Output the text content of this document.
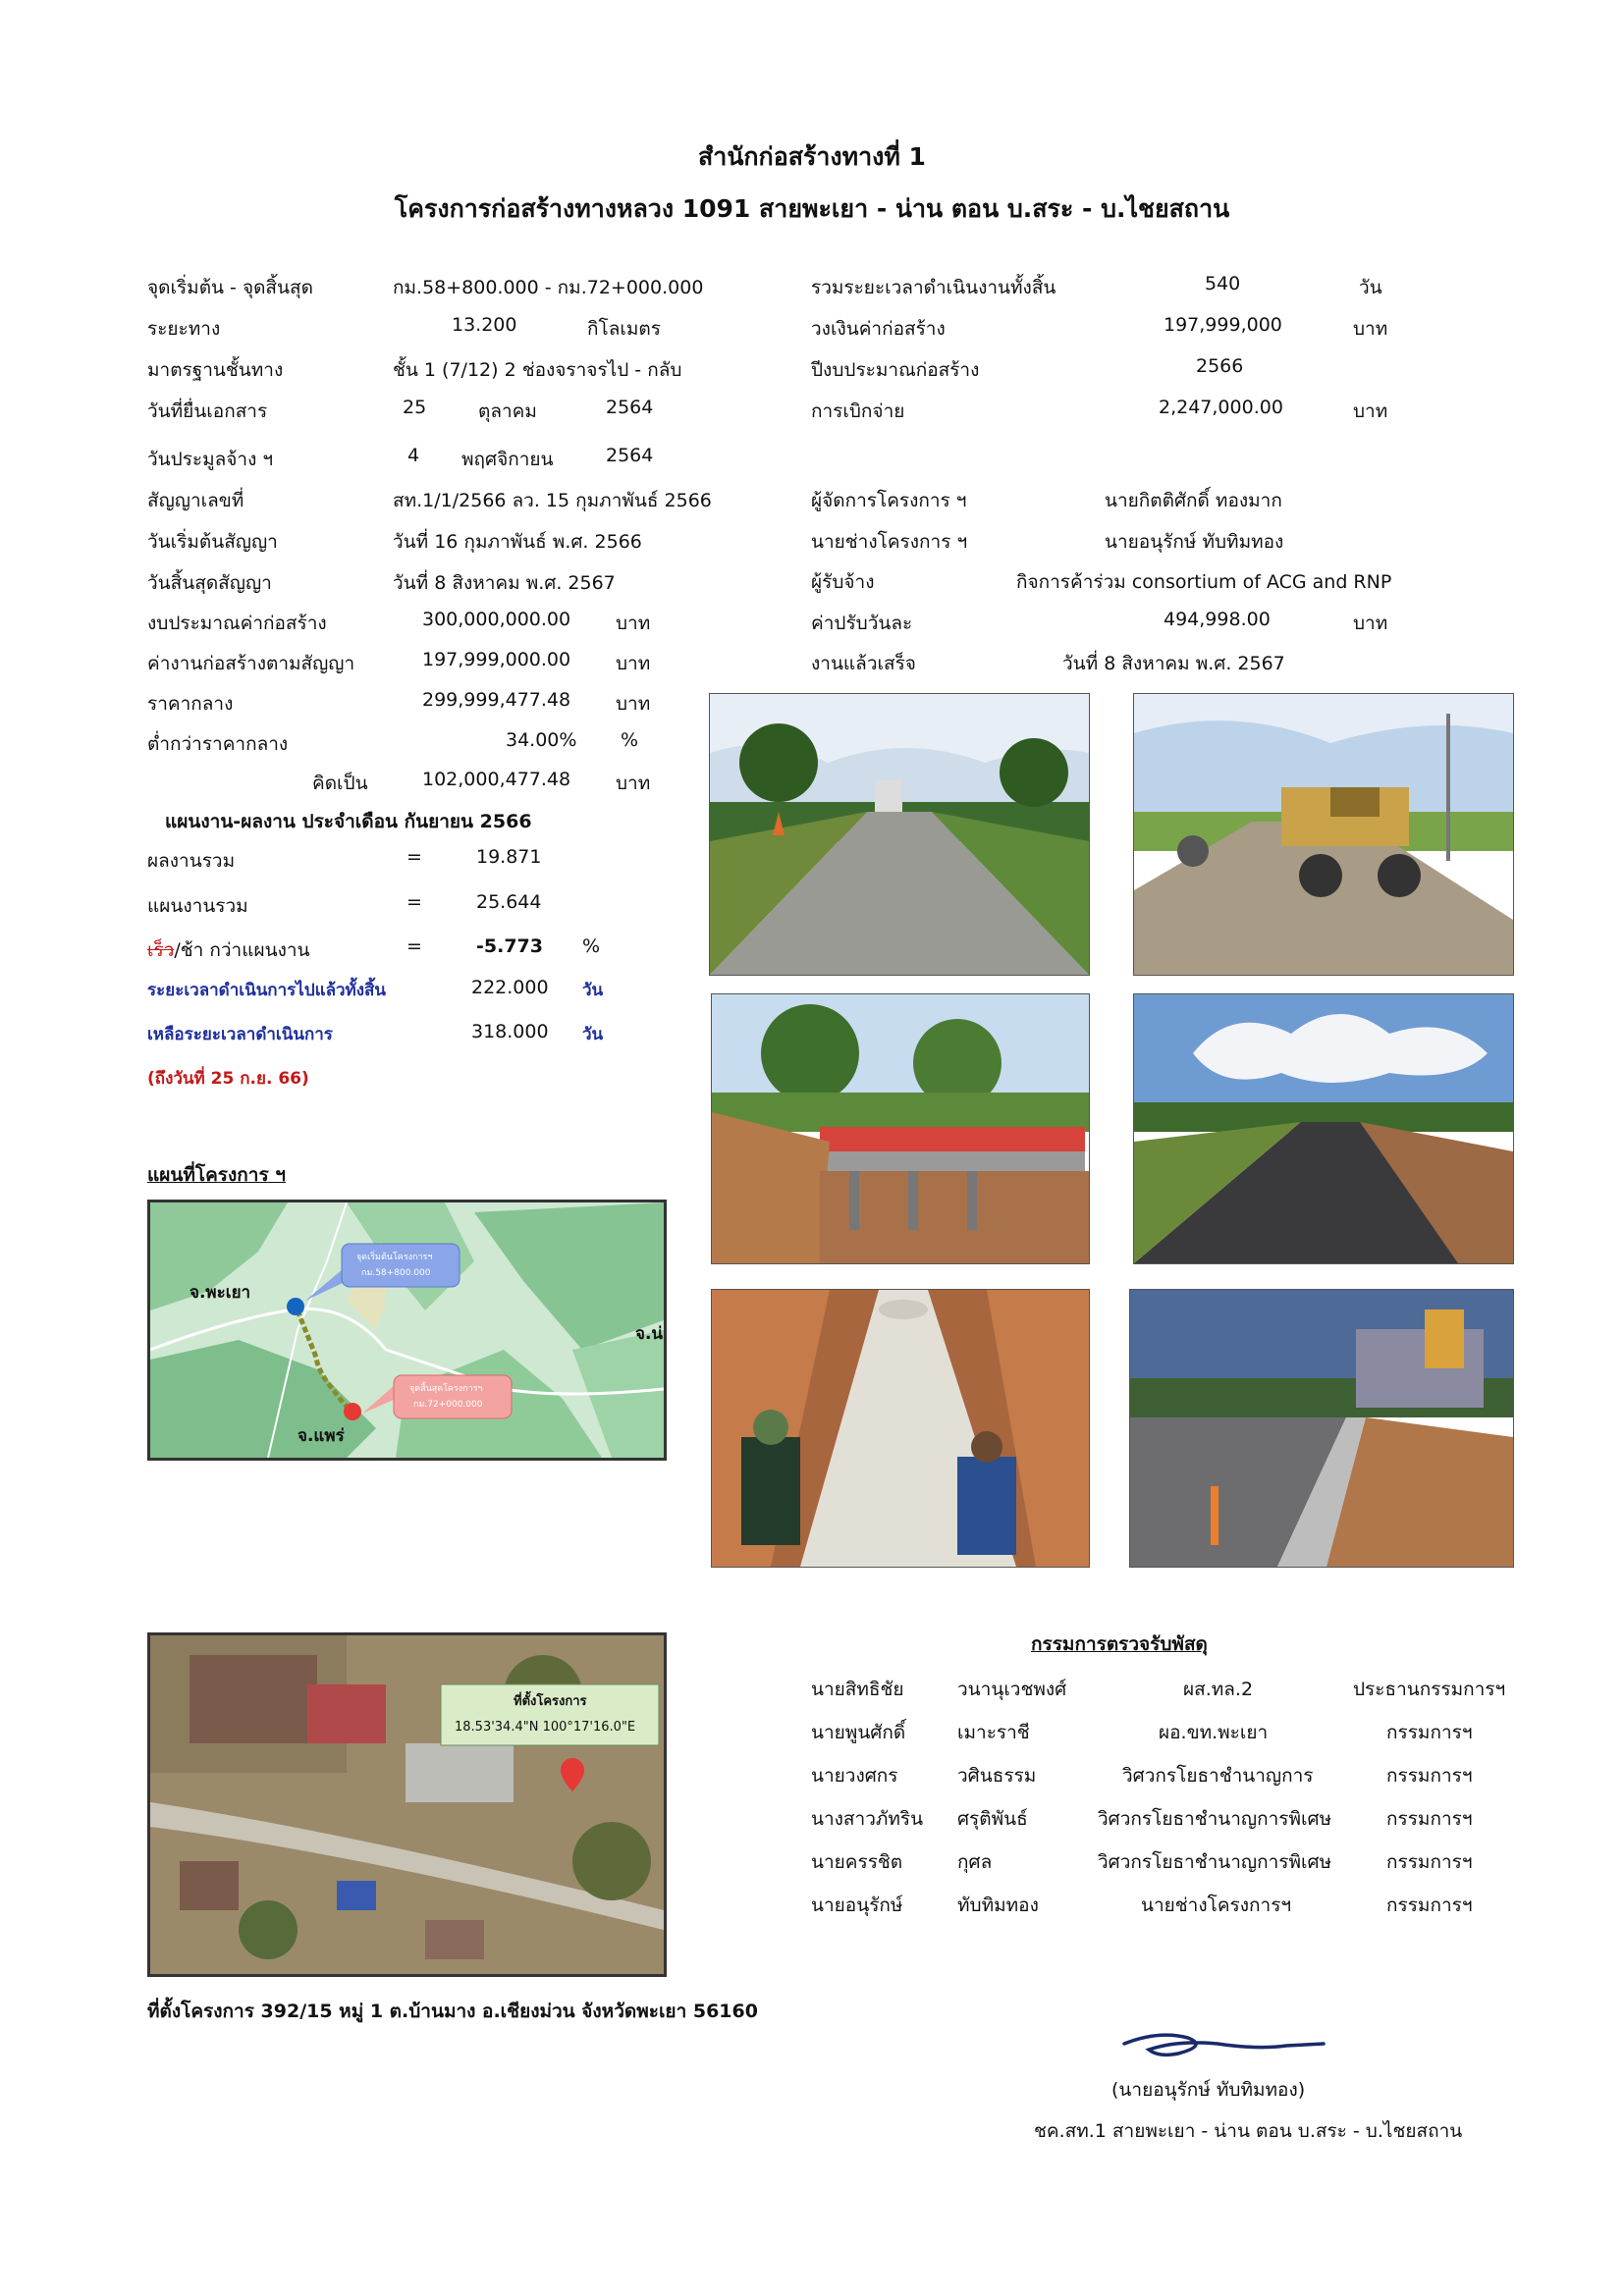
สำนักก่อสร้างทางที่ 1
โครงการก่อสร้างทางหลวง 1091 สายพะเยา - น่าน ตอน บ.สระ - บ.ไชยสถาน
จุดเริ่มต้น - จุดสิ้นสุด	กม.58+800.000 - กม.72+000.000
ระยะทาง	13.200	กิโลเมตร
มาตรฐานชั้นทาง	ชั้น 1 (7/12) 2 ช่องจราจรไป - กลับ
วันที่ยื่นเอกสาร	25	ตุลาคม	2564
วันประมูลจ้าง ฯ	4 พฤศจิกายน	2564
สัญญาเลขที่	สท.1/1/2566 ลว. 15 กุมภาพันธ์ 2566
วันเริ่มต้นสัญญา	วันที่ 16 กุมภาพันธ์ พ.ศ. 2566
วันสิ้นสุดสัญญา	วันที่ 8 สิงหาคม พ.ศ. 2567
งบประมาณค่าก่อสร้าง	300,000,000.00 บาท
ค่างานก่อสร้างตามสัญญา	197,999,000.00 บาท
ราคากลาง	299,999,477.48 บาท
ต่ำกว่าราคากลาง	34.00% %
คิดเป็น	102,000,477.48 บาท
รวมระยะเวลาดำเนินงานทั้งสิ้น	540	วัน
วงเงินค่าก่อสร้าง	197,999,000	บาท
ปีงบประมาณก่อสร้าง	2566
การเบิกจ่าย	2,247,000.00	บาท
ผู้จัดการโครงการ ฯ	นายกิตติศักดิ์ ทองมาก
นายช่างโครงการ ฯ	นายอนุรักษ์ ทับทิมทอง
ผู้รับจ้าง	กิจการค้าร่วม consortium of ACG and RNP
ค่าปรับวันละ	494,998.00	บาท
งานแล้วเสร็จ	วันที่ 8 สิงหาคม พ.ศ. 2567
แผนงาน-ผลงาน ประจำเดือน กันยายน 2566
ผลงานรวม	=	19.871
แผนงานรวม	=	25.644
เร็ว/ช้า กว่าแผนงาน	=	-5.773 %
ระยะเวลาดำเนินการไปแล้วทั้งสิ้น	222.000 วัน
เหลือระยะเวลาดำเนินการ	318.000 วัน
(ถึงวันที่ 25 ก.ย. 66)
แผนที่โครงการ ฯ
จ.พะเยา
จ.แพร่
จ.น่
จุดเริ่มต้นโครงการฯ
กม.58+800.000
จุดสิ้นสุดโครงการฯ
กม.72+000.000
ที่ตั้งโครงการ
18.53'34.4"N 100°17'16.0"E
ที่ตั้งโครงการ 392/15 หมู่ 1 ต.บ้านมาง อ.เชียงม่วน จังหวัดพะเยา 56160
กรรมการตรวจรับพัสดุ
นายสิทธิชัย	วนานุเวชพงศ์	ผส.ทล.2	ประธานกรรมการฯ
นายพูนศักดิ์	เมาะราชี	ผอ.ขท.พะเยา	กรรมการฯ
นายวงศกร	วศินธรรม	วิศวกรโยธาชำนาญการ	กรรมการฯ
นางสาวภัทริน ศรุติพันธ์	วิศวกรโยธาชำนาญการพิเศษ	กรรมการฯ
นายครรชิต	กุศล	วิศวกรโยธาชำนาญการพิเศษ	กรรมการฯ
นายอนุรักษ์	ทับทิมทอง	นายช่างโครงการฯ	กรรมการฯ
(นายอนุรักษ์ ทับทิมทอง)
ชค.สท.1 สายพะเยา - น่าน ตอน บ.สระ - บ.ไชยสถาน
